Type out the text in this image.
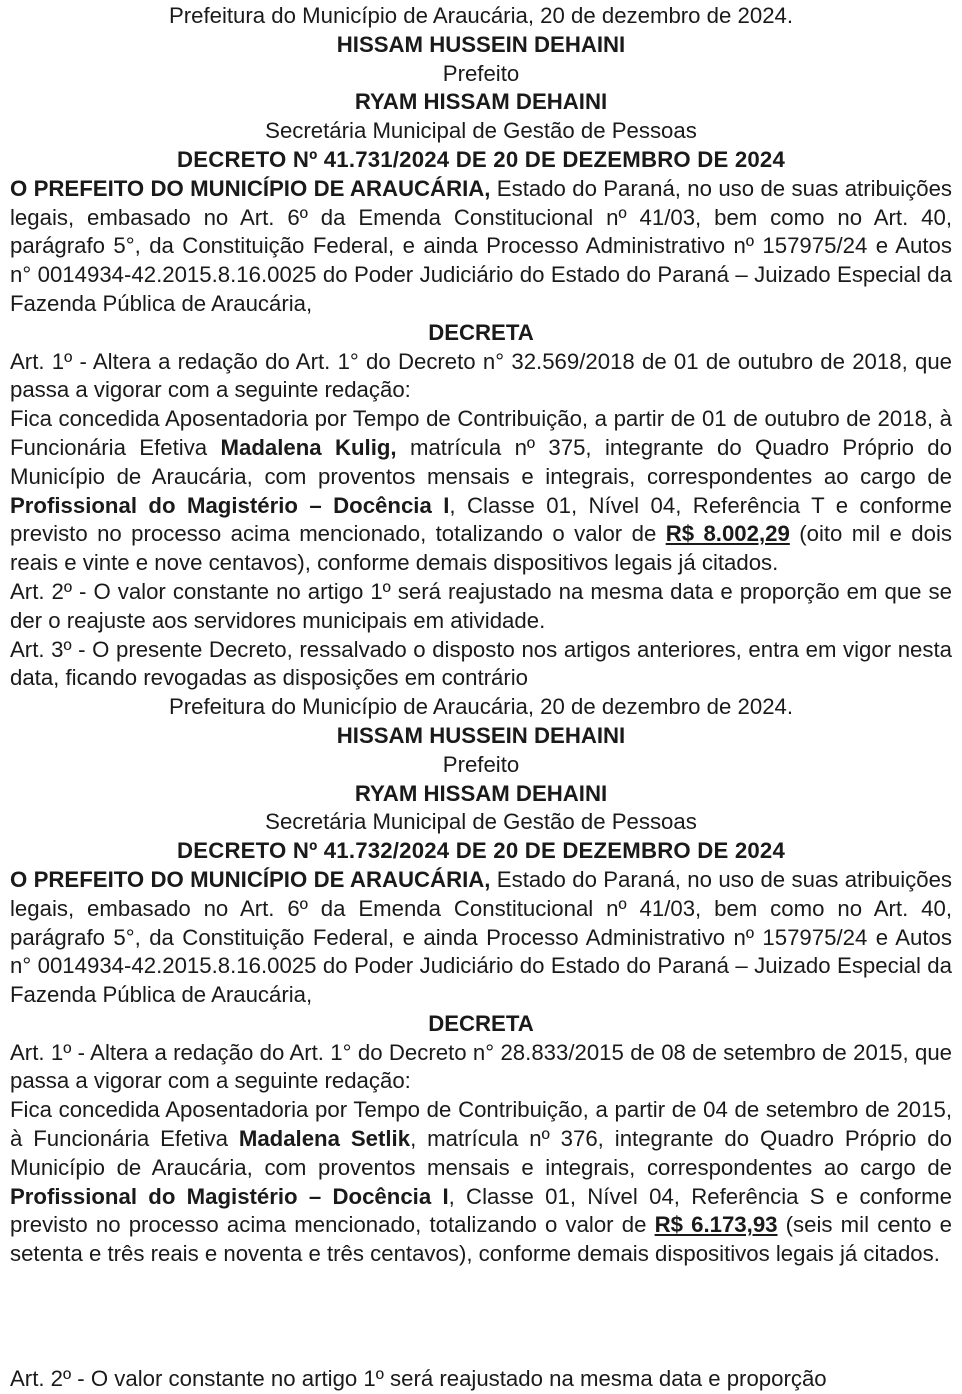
Prefeitura do Município de Araucária, 20 de dezembro de 2024.

HISSAM HUSSEIN DEHAINI

Prefeito

RYAM HISSAM DEHAINI

Secretária Municipal de Gestão de Pessoas

DECRETO Nº 41.731/2024 DE 20 DE DEZEMBRO DE 2024

O PREFEITO DO MUNICÍPIO DE ARAUCÁRIA, Estado do Paraná, no uso de suas atribuições legais, embasado no Art. 6º da Emenda Constitucional nº 41/03, bem como no Art. 40, parágrafo 5°, da Constituição Federal, e ainda Processo Administrativo nº 157975/24 e Autos n° 0014934-42.2015.8.16.0025 do Poder Judiciário do Estado do Paraná – Juizado Especial da Fazenda Pública de Araucária,

DECRETA

Art. 1º - Altera a redação do Art. 1° do Decreto n° 32.569/2018 de 01 de outubro de 2018, que passa a vigorar com a seguinte redação:

Fica concedida Aposentadoria por Tempo de Contribuição, a partir de 01 de outubro de 2018, à Funcionária Efetiva Madalena Kulig, matrícula nº 375, integrante do Quadro Próprio do Município de Araucária, com proventos mensais e integrais, correspondentes ao cargo de Profissional do Magistério – Docência I, Classe 01, Nível 04, Referência T e conforme previsto no processo acima mencionado, totalizando o valor de R$ 8.002,29 (oito mil e dois reais e vinte e nove centavos), conforme demais dispositivos legais já citados.

Art. 2º - O valor constante no artigo 1º será reajustado na mesma data e proporção em que se der o reajuste aos servidores municipais em atividade.

Art. 3º - O presente Decreto, ressalvado o disposto nos artigos anteriores, entra em vigor nesta data, ficando revogadas as disposições em contrário

Prefeitura do Município de Araucária, 20 de dezembro de 2024.

HISSAM HUSSEIN DEHAINI

Prefeito

RYAM HISSAM DEHAINI

Secretária Municipal de Gestão de Pessoas

DECRETO Nº 41.732/2024 DE 20 DE DEZEMBRO DE 2024

O PREFEITO DO MUNICÍPIO DE ARAUCÁRIA, Estado do Paraná, no uso de suas atribuições legais, embasado no Art. 6º da Emenda Constitucional nº 41/03, bem como no Art. 40, parágrafo 5°, da Constituição Federal, e ainda Processo Administrativo nº 157975/24 e Autos n° 0014934-42.2015.8.16.0025 do Poder Judiciário do Estado do Paraná – Juizado Especial da Fazenda Pública de Araucária,

DECRETA

Art. 1º - Altera a redação do Art. 1° do Decreto n° 28.833/2015 de 08 de setembro de 2015, que passa a vigorar com a seguinte redação:

Fica concedida Aposentadoria por Tempo de Contribuição, a partir de 04 de setembro de 2015, à Funcionária Efetiva Madalena Setlik, matrícula nº 376, integrante do Quadro Próprio do Município de Araucária, com proventos mensais e integrais, correspondentes ao cargo de Profissional do Magistério – Docência I, Classe 01, Nível 04, Referência S e conforme previsto no processo acima mencionado, totalizando o valor de R$ 6.173,93 (seis mil cento e setenta e três reais e noventa e três centavos), conforme demais dispositivos legais já citados.

Art. 2º - O valor constante no artigo 1º será reajustado na mesma data e proporção
